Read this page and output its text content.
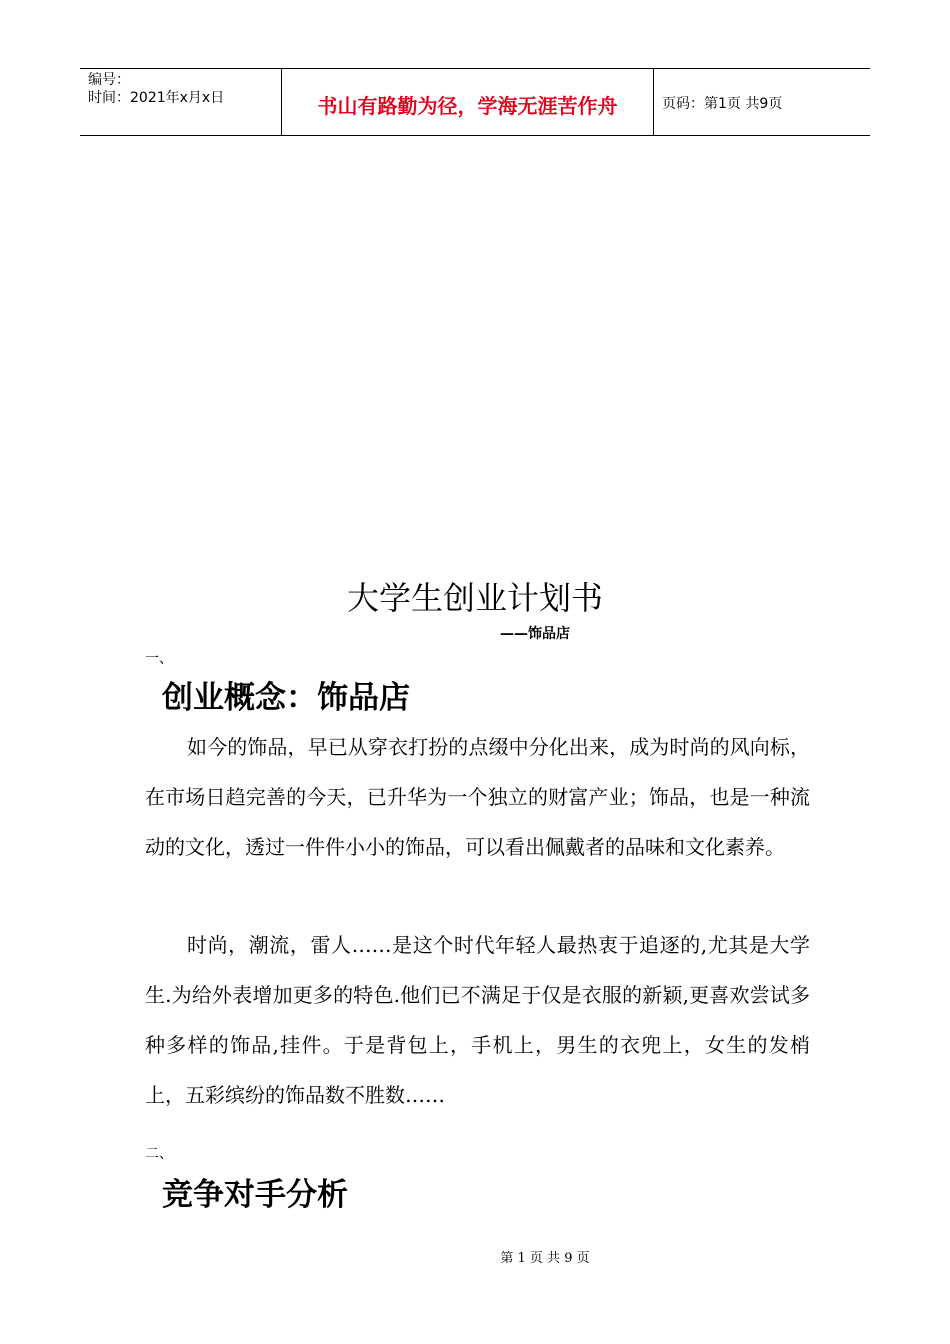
编号：
时间：2021年x月x日	书山有路勤为径，学海无涯苦作舟	页码：第1页 共9页
大学生创业计划书
——饰品店
一、
创业概念：饰品店

如今的饰品，早已从穿衣打扮的点缀中分化出来，成为时尚的风向标，在市场日趋完善的今天，已升华为一个独立的财富产业；饰品，也是一种流动的文化，透过一件件小小的饰品，可以看出佩戴者的品味和文化素养。

时尚，潮流，雷人……是这个时代年轻人最热衷于追逐的,尤其是大学生.为给外表增加更多的特色.他们已不满足于仅是衣服的新颖,更喜欢尝试多种多样的饰品,挂件。于是背包上，手机上，男生的衣兜上，女生的发梢上，五彩缤纷的饰品数不胜数……

二、
竞争对手分析
第 1 页 共 9 页
